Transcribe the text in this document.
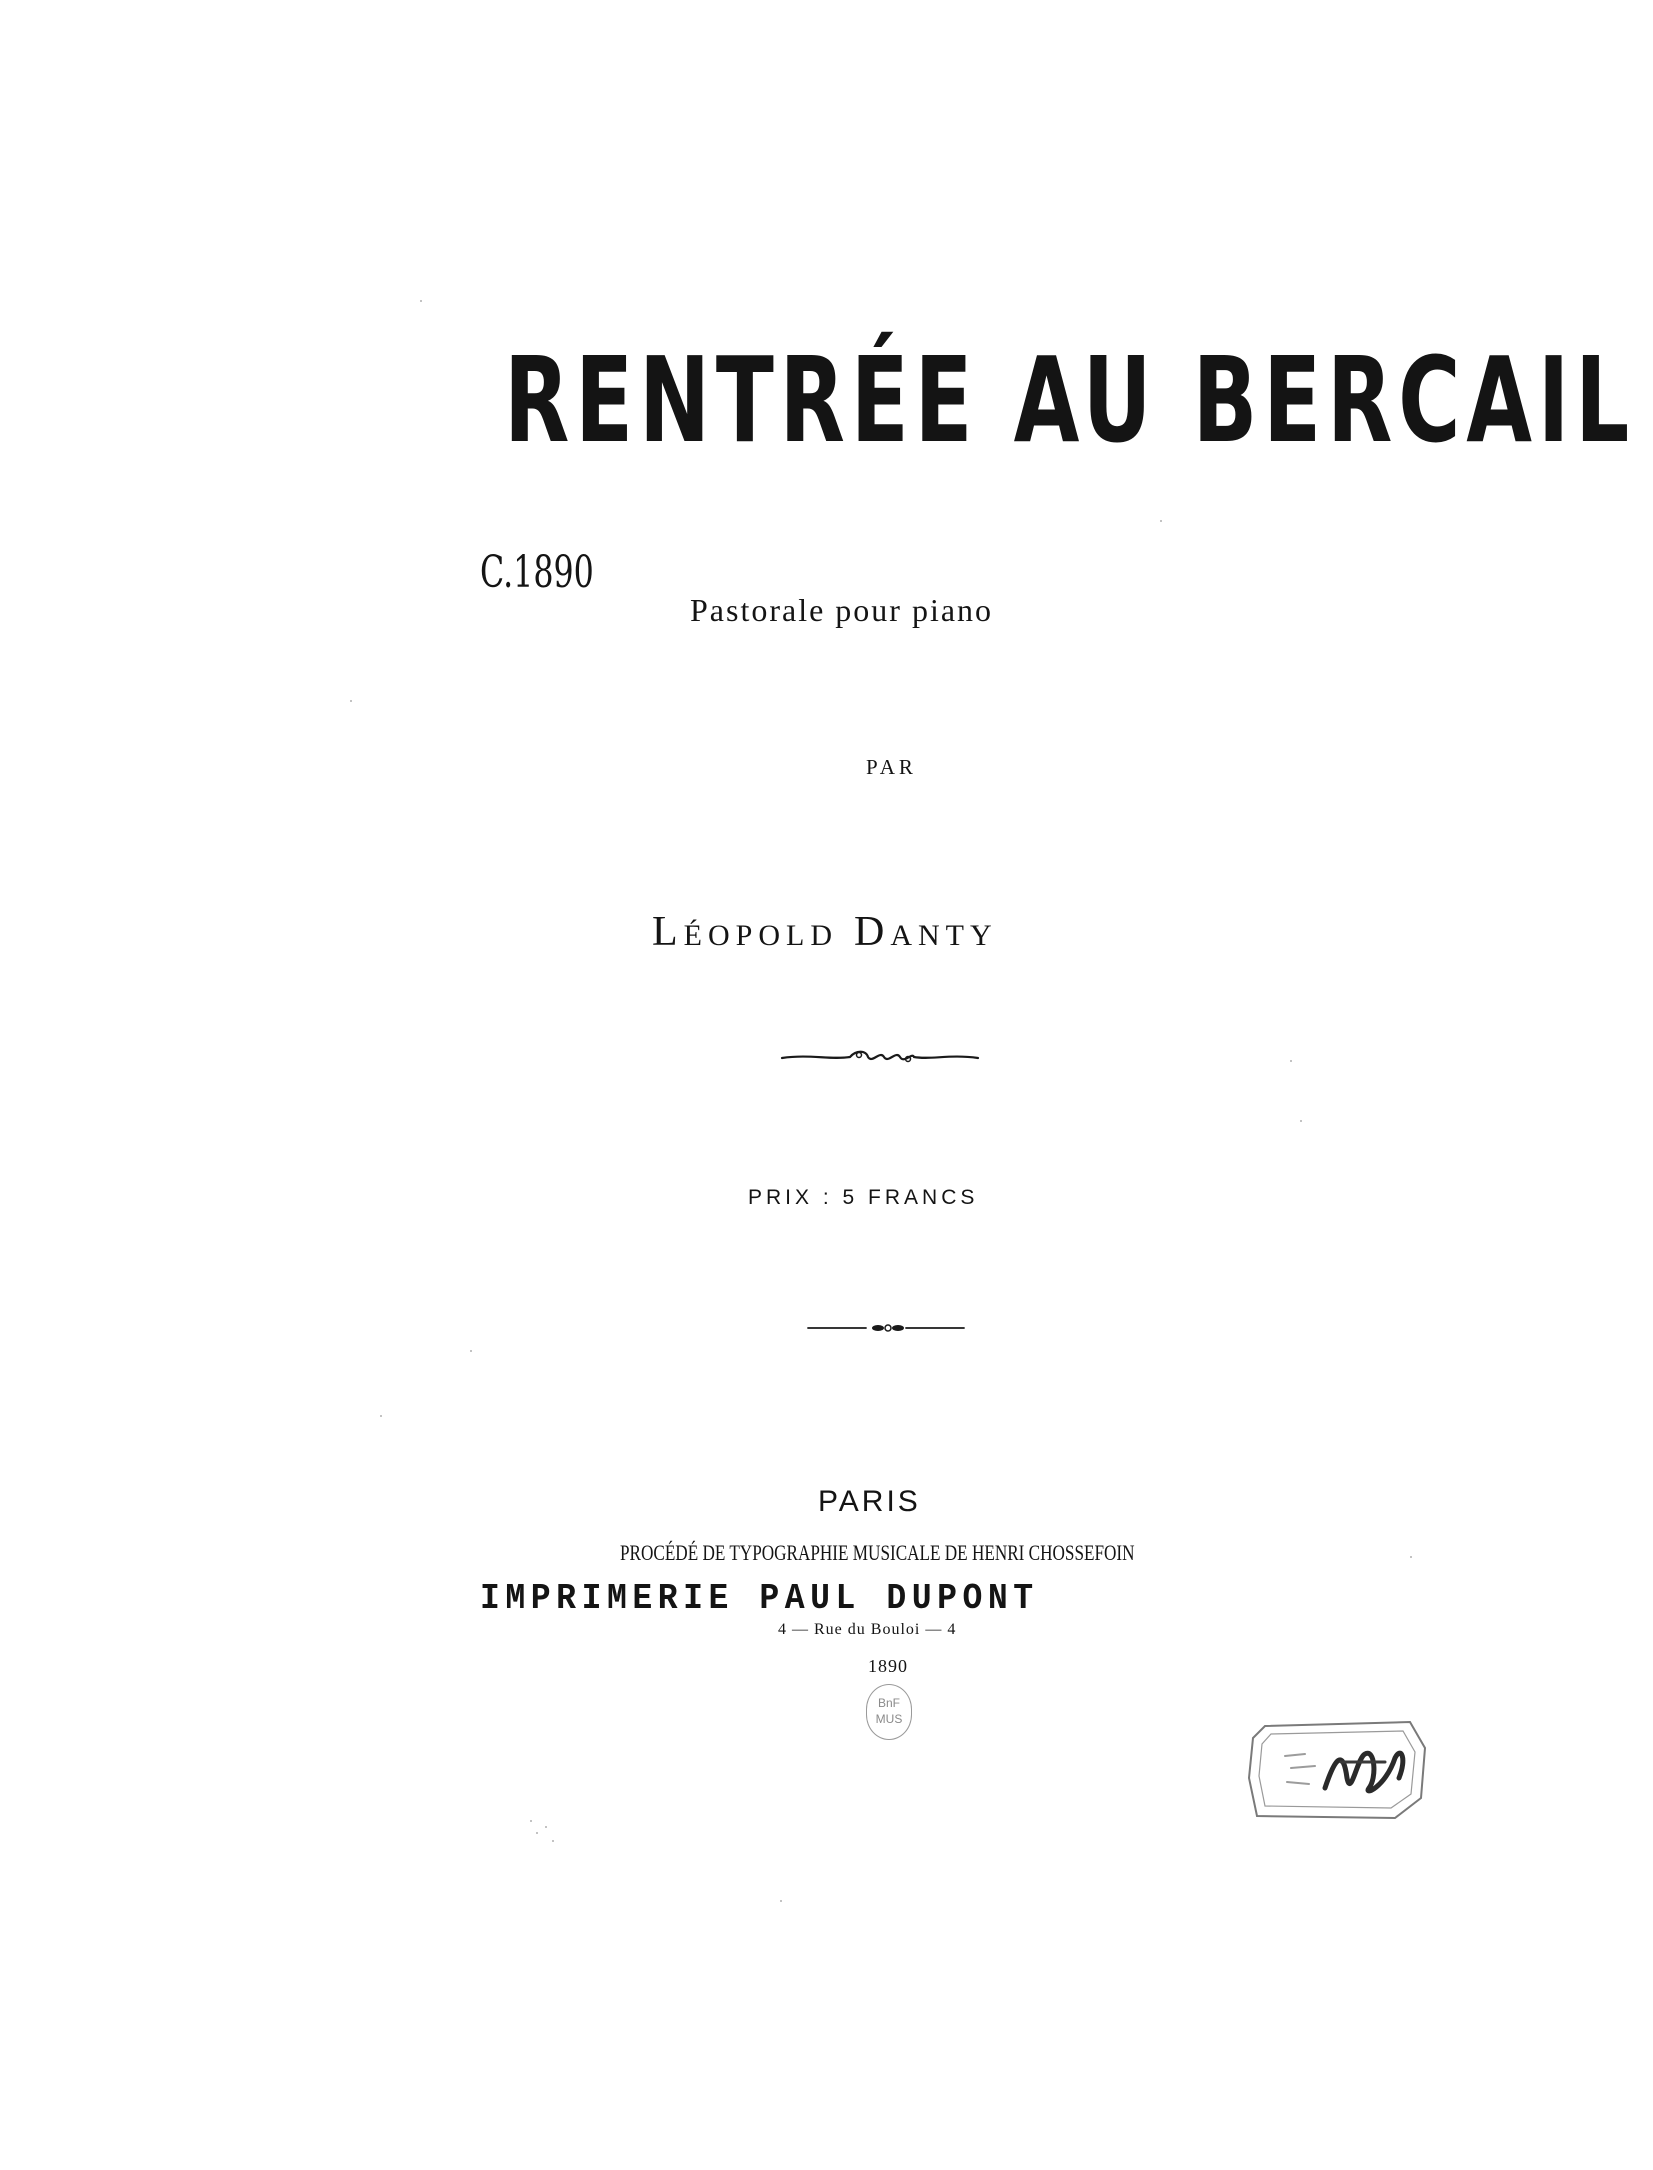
RENTRÉE AU BERCAIL
C.1890
Pastorale pour piano
PAR
LÉOPOLD DANTY
PRIX : 5 FRANCS
PARIS
PROCÉDÉ DE TYPOGRAPHIE MUSICALE DE HENRI CHOSSEFOIN
IMPRIMERIE PAUL DUPONT
4 — Rue du Bouloi — 4
1890
BnF
MUS
